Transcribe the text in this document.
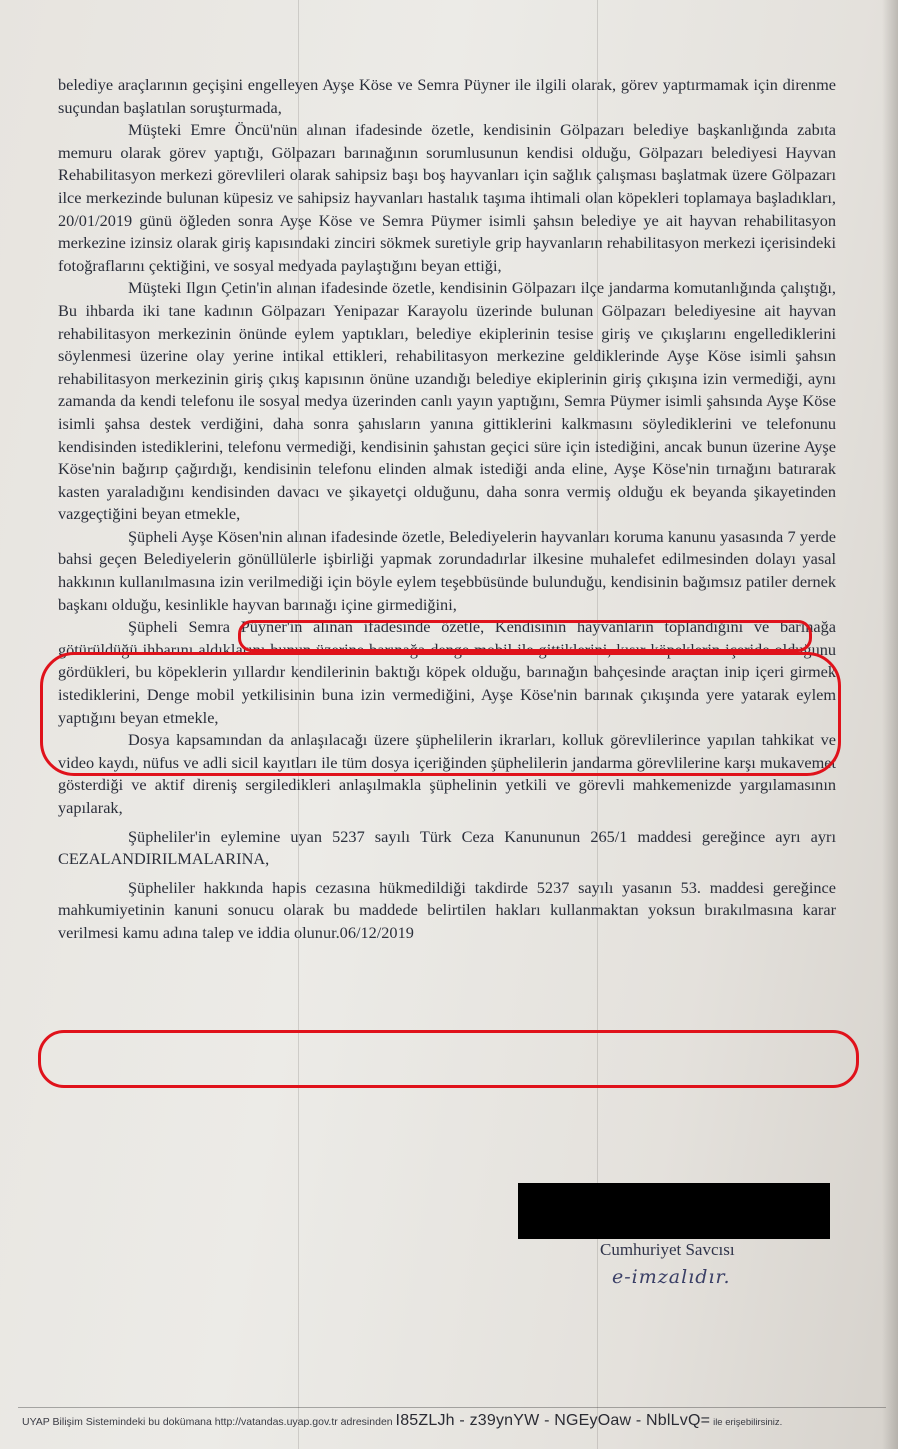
belediye araçlarının geçişini engelleyen Ayşe Köse ve Semra Püyner ile ilgili olarak, görev yaptırmamak için direnme suçundan başlatılan soruşturmada,

Müşteki Emre Öncü'nün alınan ifadesinde özetle, kendisinin Gölpazarı belediye başkanlığında zabıta memuru olarak görev yaptığı, Gölpazarı barınağının sorumlusunun kendisi olduğu, Gölpazarı belediyesi Hayvan Rehabilitasyon merkezi görevlileri olarak sahipsiz başı boş hayvanları için sağlık çalışması başlatmak üzere Gölpazarı ilce merkezinde bulunan küpesiz ve sahipsiz hayvanları hastalık taşıma ihtimali olan köpekleri toplamaya başladıkları, 20/01/2019 günü öğleden sonra Ayşe Köse ve Semra Püymer isimli şahsın belediye ye ait hayvan rehabilitasyon merkezine izinsiz olarak giriş kapısındaki zinciri sökmek suretiyle grip hayvanların rehabilitasyon merkezi içerisindeki fotoğraflarını çektiğini, ve sosyal medyada paylaştığını beyan ettiği,

Müşteki Ilgın Çetin'in alınan ifadesinde özetle, kendisinin Gölpazarı ilçe jandarma komutanlığında çalıştığı, Bu ihbarda iki tane kadının Gölpazarı Yenipazar Karayolu üzerinde bulunan Gölpazarı belediyesine ait hayvan rehabilitasyon merkezinin önünde eylem yaptıkları, belediye ekiplerinin tesise giriş ve çıkışlarını engellediklerini söylenmesi üzerine olay yerine intikal ettikleri, rehabilitasyon merkezine geldiklerinde Ayşe Köse isimli şahsın rehabilitasyon merkezinin giriş çıkış kapısının önüne uzandığı belediye ekiplerinin giriş çıkışına izin vermediği, aynı zamanda da kendi telefonu ile sosyal medya üzerinden canlı yayın yaptığını, Semra Püymer isimli şahsında Ayşe Köse isimli şahsa destek verdiğini, daha sonra şahısların yanına gittiklerini kalkmasını söylediklerini ve telefonunu kendisinden istediklerini, telefonu vermediği, kendisinin şahıstan geçici süre için istediğini, ancak bunun üzerine Ayşe Köse'nin bağırıp çağırdığı, kendisinin telefonu elinden almak istediği anda eline, Ayşe Köse'nin tırnağını batırarak kasten yaraladığını kendisinden davacı ve şikayetçi olduğunu, daha sonra vermiş olduğu ek beyanda şikayetinden vazgeçtiğini beyan etmekle,

Şüpheli Ayşe Kösen'nin alınan ifadesinde özetle, Belediyelerin hayvanları koruma kanunu yasasında 7 yerde bahsi geçen Belediyelerin gönüllülerle işbirliği yapmak zorundadırlar ilkesine muhalefet edilmesinden dolayı yasal hakkının kullanılmasına izin verilmediği için böyle eylem teşebbüsünde bulunduğu, kendisinin bağımsız patiler dernek başkanı olduğu, kesinlikle hayvan barınağı içine girmediğini,

Şüpheli Semra Püyner'in alınan ifadesinde özetle, Kendisinin hayvanların toplandığını ve barınağa götürüldüğü ihbarını aldıklarını bunun üzerine barınağa denge mobil ile gittiklerini, kısır köpeklerin içeride olduğunu gördükleri, bu köpeklerin yıllardır kendilerinin baktığı köpek olduğu, barınağın bahçesinde araçtan inip içeri girmek istediklerini, Denge mobil yetkilisinin buna izin vermediğini, Ayşe Köse'nin barınak çıkışında yere yatarak eylem yaptığını beyan etmekle,

Dosya kapsamından da anlaşılacağı üzere şüphelilerin ikrarları, kolluk görevlilerince yapılan tahkikat ve video kaydı, nüfus ve adli sicil kayıtları ile tüm dosya içeriğinden şüphelilerin jandarma görevlilerine karşı mukavemet gösterdiği ve aktif direniş sergiledikleri anlaşılmakla şüphelinin yetkili ve görevli mahkemenizde yargılamasının yapılarak,

Şüpheliler'in eylemine uyan 5237 sayılı Türk Ceza Kanununun 265/1 maddesi gereğince ayrı ayrı CEZALANDIRILMALARINA,

Şüpheliler hakkında hapis cezasına hükmedildiği takdirde 5237 sayılı yasanın 53. maddesi gereğince mahkumiyetinin kanuni sonucu olarak bu maddede belirtilen hakları kullanmaktan yoksun bırakılmasına karar verilmesi kamu adına talep ve iddia olunur.06/12/2019

Cumhuriyet Savcısı
e-imzalıdır.
UYAP Bilişim Sistemindeki bu dokümana http://vatandas.uyap.gov.tr adresinden I85ZLJh - z39ynYW - NGEyOaw - NblLvQ= ile erişebilirsiniz.
